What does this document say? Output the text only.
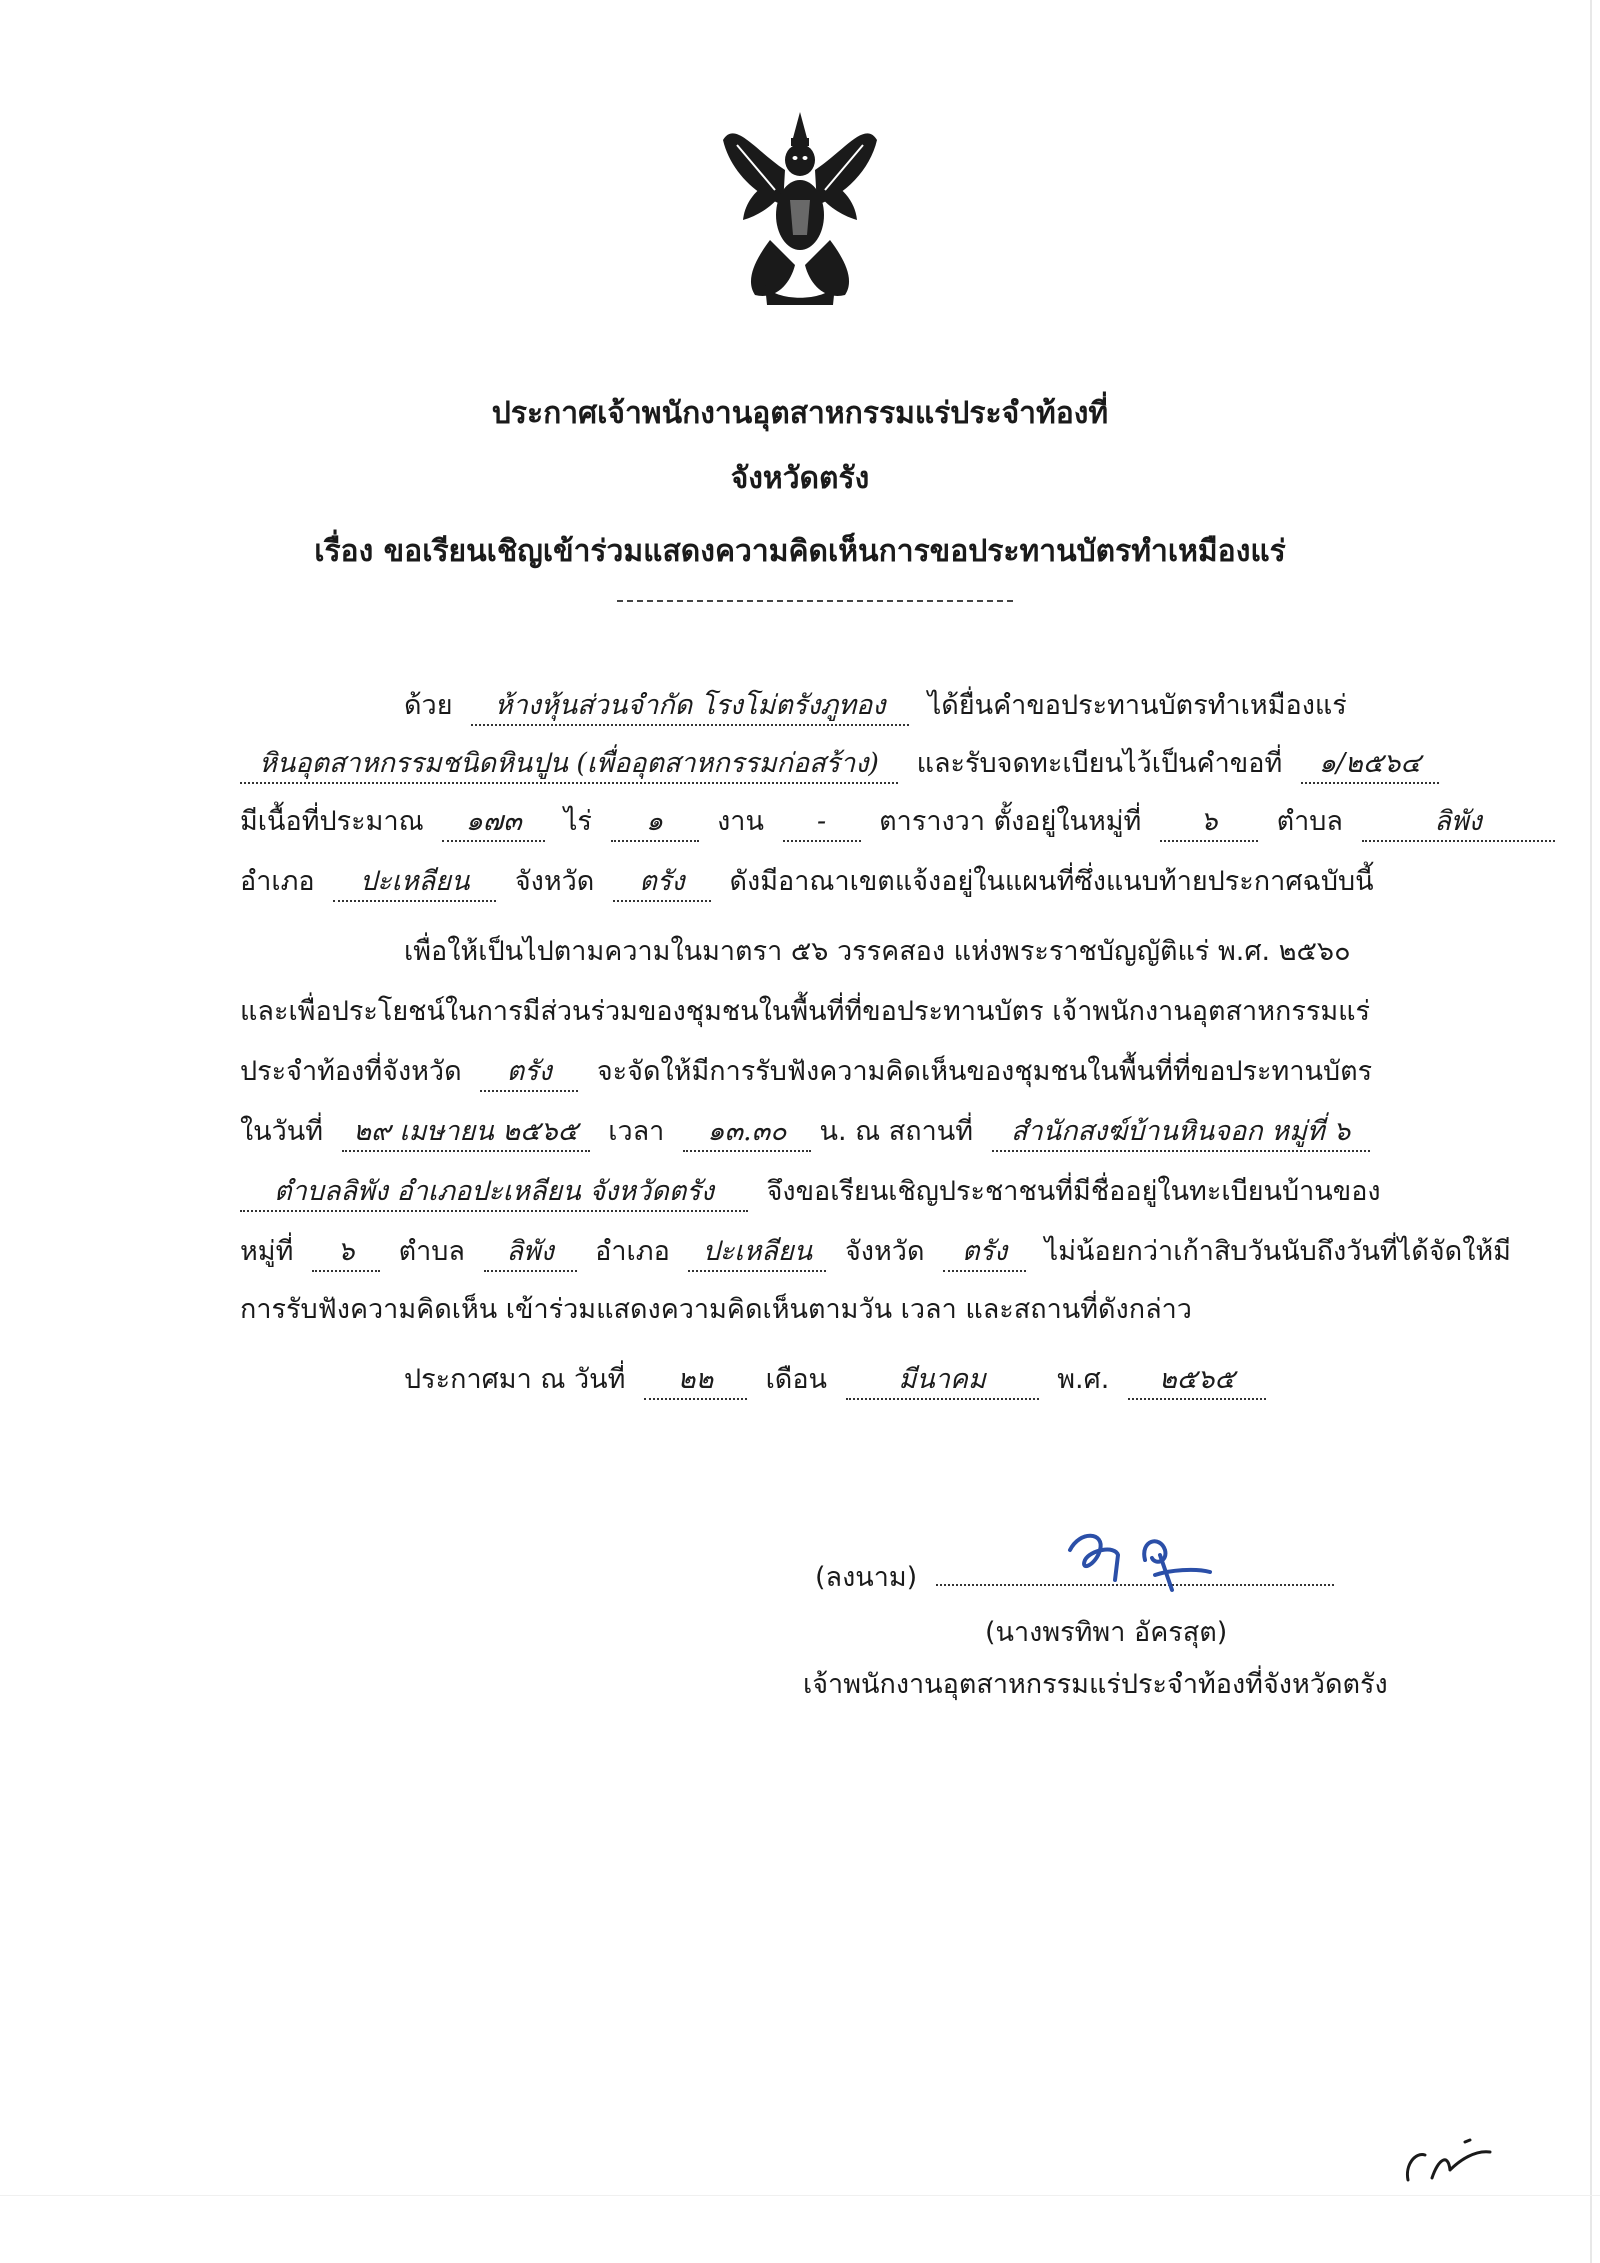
ประกาศเจ้าพนักงานอุตสาหกรรมแร่ประจำท้องที่
จังหวัดตรัง
เรื่อง ขอเรียนเชิญเข้าร่วมแสดงความคิดเห็นการขอประทานบัตรทำเหมืองแร่
ด้วย ห้างหุ้นส่วนจำกัด โรงโม่ตรังภูทอง ได้ยื่นคำขอประทานบัตรทำเหมืองแร่
หินอุตสาหกรรมชนิดหินปูน (เพื่ออุตสาหกรรมก่อสร้าง) และรับจดทะเบียนไว้เป็นคำขอที่ ๑/๒๕๖๔
มีเนื้อที่ประมาณ ๑๗๓ ไร่ ๑ งาน - ตารางวา ตั้งอยู่ในหมู่ที่ ๖ ตำบล	ลิพัง
อำเภอ ปะเหลียน จังหวัด ตรัง ดังมีอาณาเขตแจ้งอยู่ในแผนที่ซึ่งแนบท้ายประกาศฉบับนี้
เพื่อให้เป็นไปตามความในมาตรา ๕๖ วรรคสอง แห่งพระราชบัญญัติแร่ พ.ศ. ๒๕๖๐
และเพื่อประโยชน์ในการมีส่วนร่วมของชุมชนในพื้นที่ที่ขอประทานบัตร เจ้าพนักงานอุตสาหกรรมแร่
ประจำท้องที่จังหวัด ตรัง จะจัดให้มีการรับฟังความคิดเห็นของชุมชนในพื้นที่ที่ขอประทานบัตร
ในวันที่ ๒๙ เมษายน ๒๕๖๕ เวลา ๑๓.๓๐ น. ณ สถานที่ สำนักสงฆ์บ้านหินจอก หมู่ที่ ๖
ตำบลลิพัง อำเภอปะเหลียน จังหวัดตรัง จึงขอเรียนเชิญประชาชนที่มีชื่ออยู่ในทะเบียนบ้านของ
หมู่ที่ ๖ ตำบล ลิพัง อำเภอ ปะเหลียน จังหวัด ตรัง ไม่น้อยกว่าเก้าสิบวันนับถึงวันที่ได้จัดให้มี
การรับฟังความคิดเห็น เข้าร่วมแสดงความคิดเห็นตามวัน เวลา และสถานที่ดังกล่าว
ประกาศมา ณ วันที่ ๒๒ เดือน	มีนาคม	พ.ศ. ๒๕๖๕
(ลงนาม)
(นางพรทิพา อัครสุต)
เจ้าพนักงานอุตสาหกรรมแร่ประจำท้องที่จังหวัดตรัง
